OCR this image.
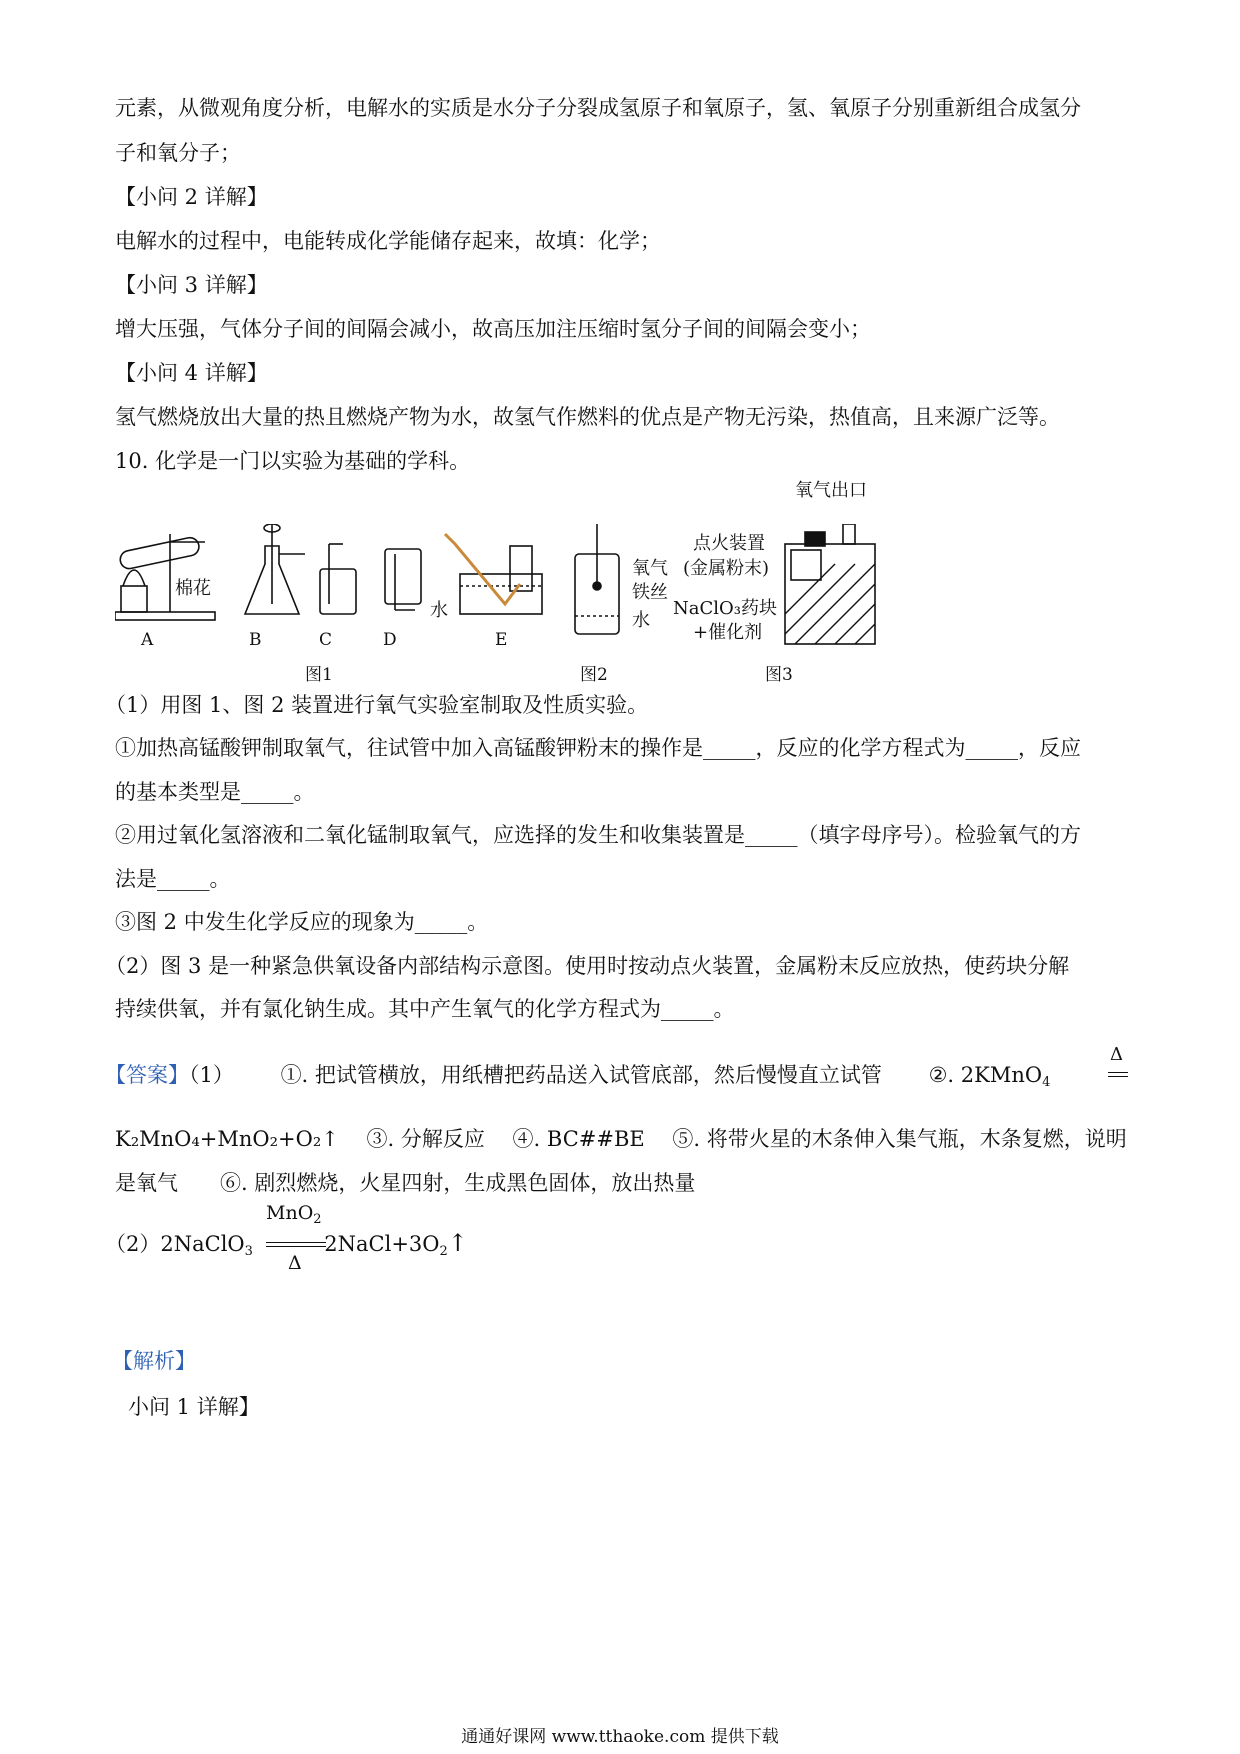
元素，从微观角度分析，电解水的实质是水分子分裂成氢原子和氧原子，氢、氧原子分别重新组合成氢分
子和氧分子；
【小问 2 详解】
电解水的过程中，电能转成化学能储存起来，故填：化学；
【小问 3 详解】
增大压强，气体分子间的间隔会减小，故高压加注压缩时氢分子间的间隔会变小；
【小问 4 详解】
氢气燃烧放出大量的热且燃烧产物为水，故氢气作燃料的优点是产物无污染，热值高，且来源广泛等。
10. 化学是一门以实验为基础的学科。
棉花
水
氧气
铁丝
水
氧气出口
点火装置
(金属粉末)
NaClO₃药块
+催化剂
A	B	C	D	E
图1	图2	图3
（1）用图 1、图 2 装置进行氧气实验室制取及性质实验。
①加热高锰酸钾制取氧气，往试管中加入高锰酸钾粉末的操作是_____，反应的化学方程式为_____，反应
的基本类型是_____。
②用过氧化氢溶液和二氧化锰制取氧气，应选择的发生和收集装置是_____（填字母序号）。检验氧气的方
法是_____。
③图 2 中发生化学反应的现象为_____。
（2）图 3 是一种紧急供氧设备内部结构示意图。使用时按动点火装置，金属粉末反应放热，使药块分解
持续供氧，并有氯化钠生成。其中产生氧气的化学方程式为_____。
【答案】（1） ①. 把试管横放，用纸槽把药品送入试管底部，然后慢慢直立试管 ②. 2KMnO$_4$
Δ
K₂MnO₄+MnO₂+O₂↑　 ③. 分解反应　 ④. BC##BE　 ⑤. 将带火星的木条伸入集气瓶，木条复燃，说明
是氧气　　⑥. 剧烈燃烧，火星四射，生成黑色固体，放出热量
（2）2NaClO$_3$	$2NaCl+3O_2↑$
MnO$_2$
Δ
【解析】
小问 1 详解】
通通好课网 www.tthaoke.com 提供下载
